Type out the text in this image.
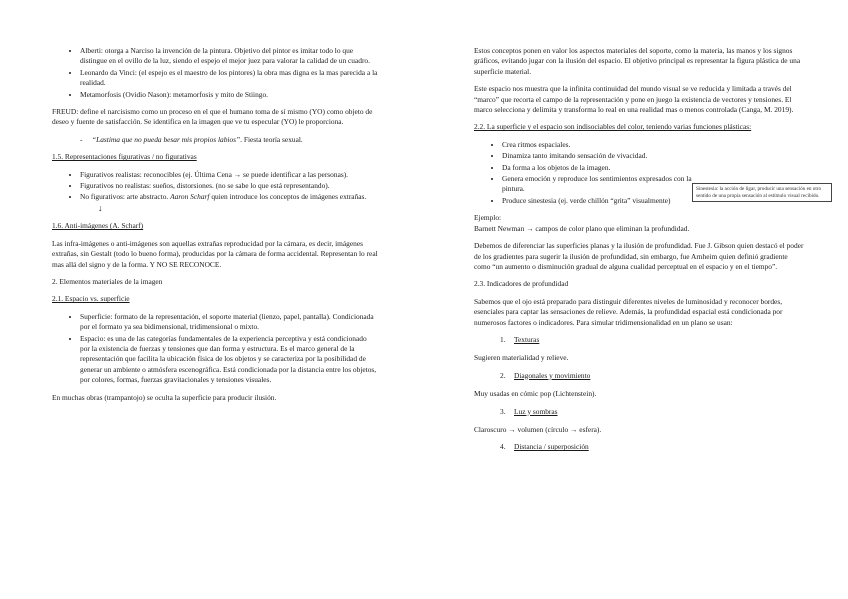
• Alberti: otorga a Narciso la invención de la pintura. Objetivo del pintor es imitar todo lo que distingue en el ovillo de la luz, siendo el espejo el mejor juez para valorar la calidad de un cuadro.
• Leonardo da Vinci: (el espejo es el maestro de los pintores) la obra mas digna es la mas parecida a la realidad.
• Metamorfosis (Ovidio Nason): metamorfosis y mito de Stiingo.

FREUD: define el narcisismo como un proceso en el que el humano toma de sí mismo (YO) como objeto de deseo y fuente de satisfacción. Se identifica en la imagen que ve tu especular (YO) le proporciona.

- “Lastima que no pueda besar mis propios labios”. Fiesta teoría sexual.

1.5. Representaciones figurativas / no figurativas

• Figurativos realistas: reconocibles (ej. Última Cena → se puede identificar a las personas).
• Figurativos no realistas: sueños, distorsiones. (no se sabe lo que está representando).
• No figurativos: arte abstracto. Aaron Scharf quien introduce los conceptos de imágenes extrañas.↓

1.6. Anti-imágenes (A. Scharf)

Las infra-imágenes o anti-imágenes son aquellas extrañas reproducidad por la cámara, es decir, imágenes extrañas, sin Gestalt (todo lo bueno forma), producidas por la cámara de forma accidental. Representan lo real mas allá del signo y de la forma. Y NO SE RECONOCE.

2. Elementos materiales de la imagen

2.1. Espacio vs. superficie

• Superficie: formato de la representación, el soporte material (lienzo, papel, pantalla). Condicionada por el formato ya sea bidimensional, tridimensional o mixto.
• Espacio: es una de las categorías fundamentales de la experiencia perceptiva y está condicionado por la existencia de fuerzas y tensiones que dan forma y estructura. Es el marco general de la representación que facilita la ubicación física de los objetos y se caracteriza por la posibilidad de generar un ambiente o atmósfera escenográfica. Está condicionada por la distancia entre los objetos, por colores, formas, fuerzas gravitacionales y tensiones visuales.

En muchas obras (trampantojo) se oculta la superficie para producir ilusión.

Estos conceptos ponen en valor los aspectos materiales del soporte, como la materia, las manos y los signos gráficos, evitando jugar con la ilusión del espacio. El objetivo principal es representar la figura plástica de una superficie material.

Este espacio nos muestra que la infinita continuidad del mundo visual se ve reducida y limitada a través del “marco” que recorta el campo de la representación y pone en juego la existencia de vectores y tensiones. El marco selecciona y delimita y transforma lo real en una realidad mas o menos controlada (Canga, M. 2019).

2.2. La superficie y el espacio son indisociables del color, teniendo varias funciones plásticas:

• Crea ritmos espaciales.
• Dinamiza tanto imitando sensación de vivacidad.
• Da forma a los objetos de la imagen.
• Genera emoción y reproduce los sentimientos expresados con la pintura.
• Produce sinestesia (ej. verde chillón “grita” visualmente)

Ejemplo:

Barnett Newman → campos de color plano que eliminan la profundidad.

Debemos de diferenciar las superficies planas y la ilusión de profundidad. Fue J. Gibson quien destacó el poder de los gradientes para sugerir la ilusión de profundidad, sin embargo, fue Arnheim quien definió gradiente como “un aumento o disminución gradual de alguna cualidad perceptual en el espacio y en el tiempo”.

2.3. Indicadores de profundidad

Sabemos que el ojo está preparado para distinguir diferentes niveles de luminosidad y reconocer bordes, esenciales para captar las sensaciones de relieve. Además, la profundidad espacial está condicionada por numerosos factores o indicadores. Para simular tridimensionalidad en un plano se usan:

1. Texturas

Sugieren materialidad y relieve.

2. Diagonales y movimiento

Muy usadas en cómic pop (Lichtenstein).

3. Luz y sombras

Claroscuro → volumen (círculo → esfera).

4. Distancia / superposición
Sinestesia: la acción de ligar, producir una sensación en otro sentido de una propia sensación al estímulo visual recibido.
